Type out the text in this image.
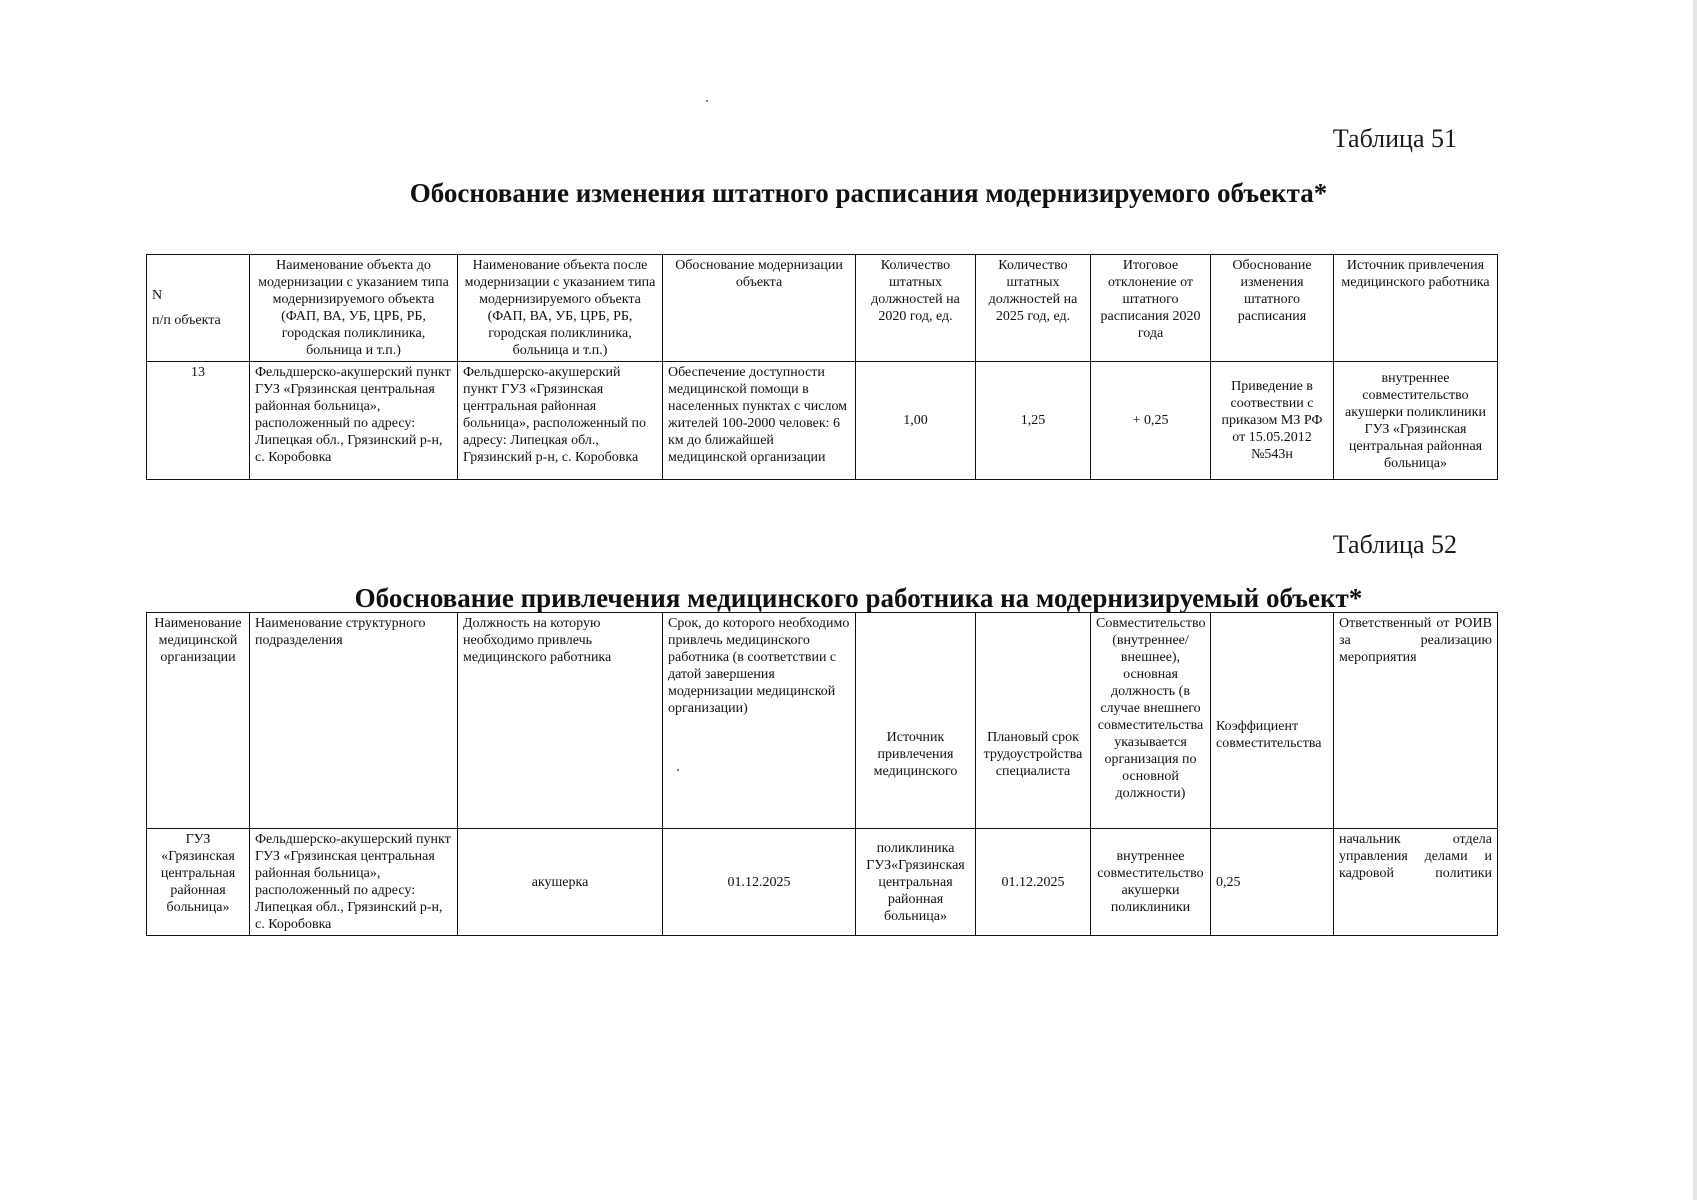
Таблица 51
Обоснование изменения штатного расписания модернизируемого объекта*
N
п/п объекта	Наименование объекта до модернизации с указанием типа модернизируемого объекта (ФАП, ВА, УБ, ЦРБ, РБ, городская поликлиника, больница и т.п.)	Наименование объекта после модернизации с указанием типа модернизируемого объекта (ФАП, ВА, УБ, ЦРБ, РБ, городская поликлиника, больница и т.п.)	Обоснование модернизации объекта	Количество штатных должностей на 2020 год, ед.	Количество штатных должностей на 2025 год, ед.	Итоговое отклонение от штатного расписания 2020 года	Обоснование изменения штатного расписания	Источник привлечения медицинского работника
13	Фельдшерско-акушерский пункт ГУЗ «Грязинская центральная районная больница», расположенный по адресу: Липецкая обл., Грязинский р-н, с. Коробовка	Фельдшерско-акушерский пункт ГУЗ «Грязинская центральная районная больница», расположенный по адресу: Липецкая обл., Грязинский р-н, с. Коробовка	Обеспечение доступности медицинской помощи в населенных пунктах с числом жителей 100-2000 человек: 6 км до ближайшей медицинской организации	1,00	1,25	+ 0,25	Приведение в соотвествии с приказом МЗ РФ от 15.05.2012 №543н	внутреннее совместительство акушерки поликлиники ГУЗ «Грязинская центральная районная больница»
Таблица 52
Обоснование привлечения медицинского работника на модернизируемый объект*
Наименование медицинской организации	Наименование структурного подразделения	Должность на которую необходимо привлечь медицинского работника	Срок, до которого необходимо привлечь медицинского работника (в соответствии с датой завершения модернизации медицинской организации)	Источник привлечения медицинского	Плановый срок трудоустройства специалиста	Совместительство (внутреннее/внешнее), основная должность (в случае внешнего совместительства указывается организация по основной должности)	Коэффициент совместительства	Ответственный от РОИВ за реализацию мероприятия
ГУЗ «Грязинская центральная районная больница»	Фельдшерско-акушерский пункт ГУЗ «Грязинская центральная районная больница», расположенный по адресу: Липецкая обл., Грязинский р-н, с. Коробовка	акушерка	01.12.2025	поликлиника ГУЗ«Грязинская центральная районная больница»	01.12.2025	внутреннее совместительство акушерки поликлиники	0,25	начальник отдела управления делами и кадровой политики
